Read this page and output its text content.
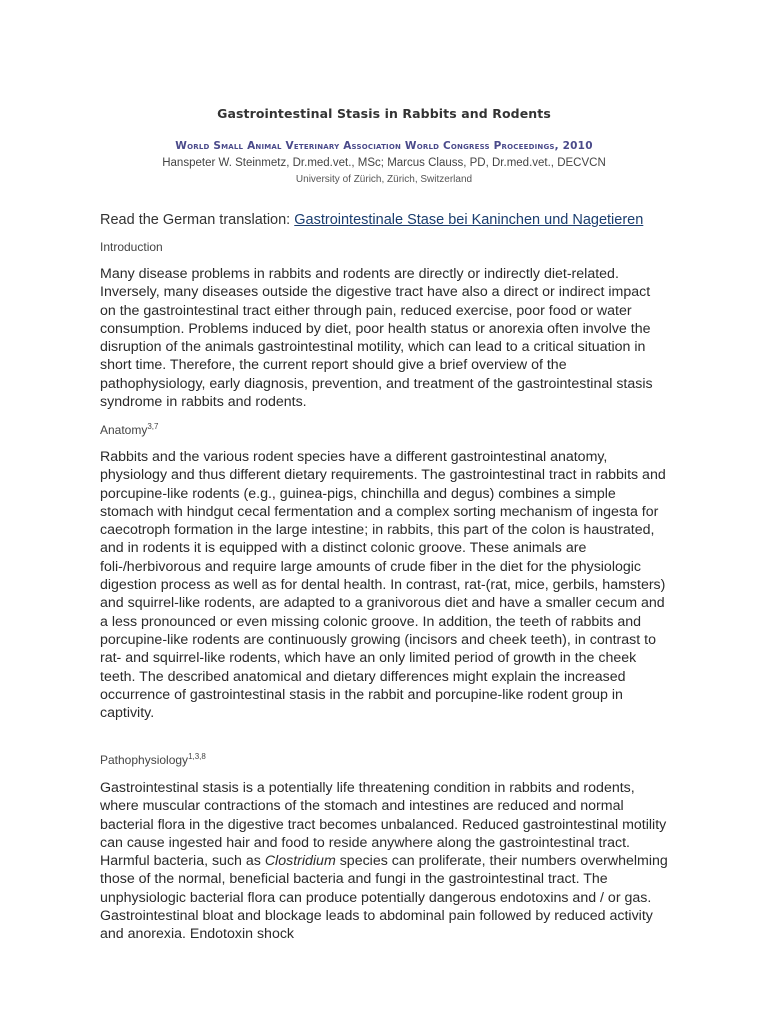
Gastrointestinal Stasis in Rabbits and Rodents
World Small Animal Veterinary Association World Congress Proceedings, 2010
Hanspeter W. Steinmetz, Dr.med.vet., MSc; Marcus Clauss, PD, Dr.med.vet., DECVCN
University of Zürich, Zürich, Switzerland
Read the German translation: Gastrointestinale Stase bei Kaninchen und Nagetieren
Introduction

Many disease problems in rabbits and rodents are directly or indirectly diet-related. Inversely, many diseases outside the digestive tract have also a direct or indirect impact on the gastrointestinal tract either through pain, reduced exercise, poor food or water consumption. Problems induced by diet, poor health status or anorexia often involve the disruption of the animals gastrointestinal motility, which can lead to a critical situation in short time. Therefore, the current report should give a brief overview of the pathophysiology, early diagnosis, prevention, and treatment of the gastrointestinal stasis syndrome in rabbits and rodents.

Anatomy$^{3,7}$

Rabbits and the various rodent species have a different gastrointestinal anatomy, physiology and thus different dietary requirements. The gastrointestinal tract in rabbits and porcupine-like rodents (e.g., guinea-pigs, chinchilla and degus) combines a simple stomach with hindgut cecal fermentation and a complex sorting mechanism of ingesta for caecotroph formation in the large intestine; in rabbits, this part of the colon is haustrated, and in rodents it is equipped with a distinct colonic groove. These animals are foli-/herbivorous and require large amounts of crude fiber in the diet for the physiologic digestion process as well as for dental health. In contrast, rat-(rat, mice, gerbils, hamsters) and squirrel-like rodents, are adapted to a granivorous diet and have a smaller cecum and a less pronounced or even missing colonic groove. In addition, the teeth of rabbits and porcupine-like rodents are continuously growing (incisors and cheek teeth), in contrast to rat- and squirrel-like rodents, which have an only limited period of growth in the cheek teeth. The described anatomical and dietary differences might explain the increased occurrence of gastrointestinal stasis in the rabbit and porcupine-like rodent group in captivity.

Pathophysiology$^{1,3,8}$

Gastrointestinal stasis is a potentially life threatening condition in rabbits and rodents, where muscular contractions of the stomach and intestines are reduced and normal bacterial flora in the digestive tract becomes unbalanced. Reduced gastrointestinal motility can cause ingested hair and food to reside anywhere along the gastrointestinal tract. Harmful bacteria, such as Clostridium species can proliferate, their numbers overwhelming those of the normal, beneficial bacteria and fungi in the gastrointestinal tract. The unphysiologic bacterial flora can produce potentially dangerous endotoxins and / or gas. Gastrointestinal bloat and blockage leads to abdominal pain followed by reduced activity and anorexia. Endotoxin shock
